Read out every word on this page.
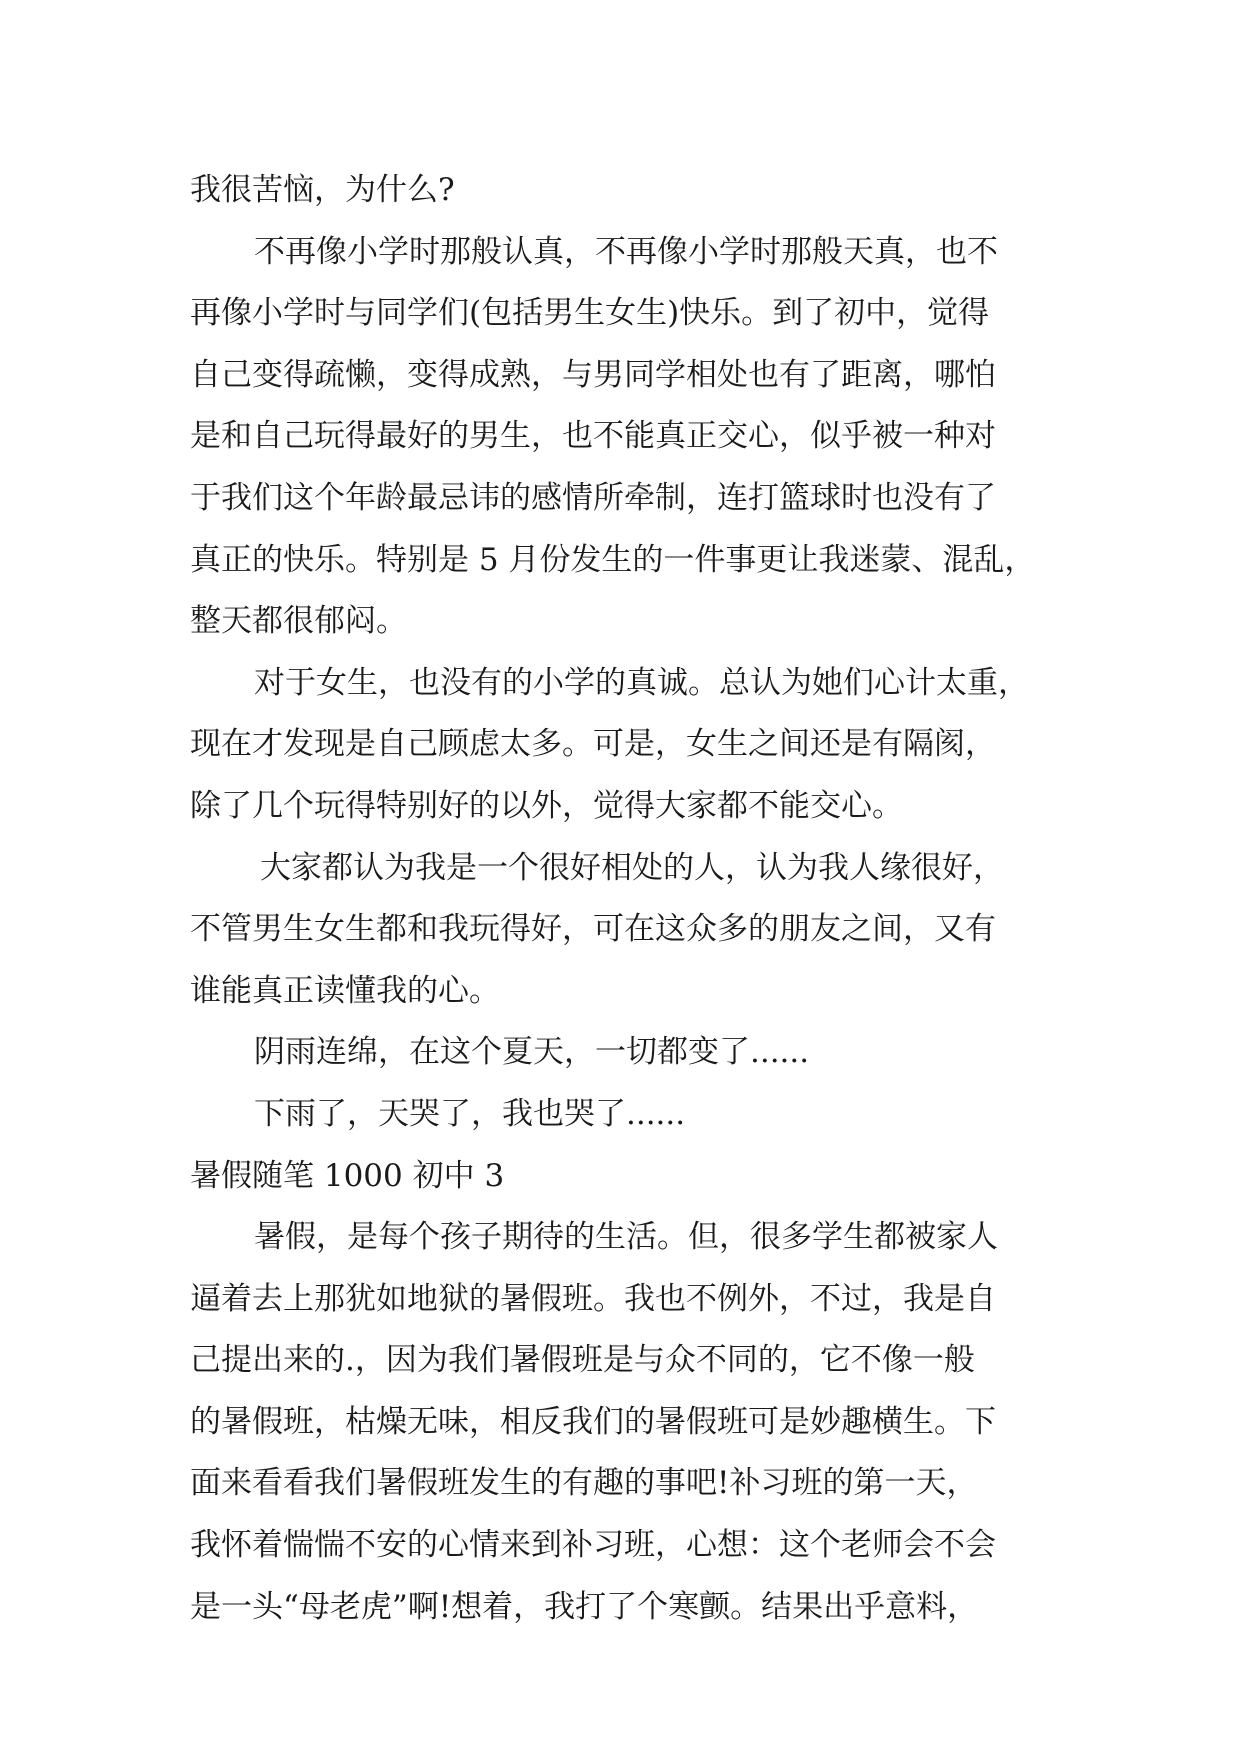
我很苦恼，为什么?
不再像小学时那般认真，不再像小学时那般天真，也不
再像小学时与同学们(包括男生女生)快乐。到了初中，觉得
自己变得疏懒，变得成熟，与男同学相处也有了距离，哪怕
是和自己玩得最好的男生，也不能真正交心，似乎被一种对
于我们这个年龄最忌讳的感情所牵制，连打篮球时也没有了
真正的快乐。特别是 5 月份发生的一件事更让我迷蒙、混乱，
整天都很郁闷。
对于女生，也没有的小学的真诚。总认为她们心计太重，
现在才发现是自己顾虑太多。可是，女生之间还是有隔阂，
除了几个玩得特别好的以外，觉得大家都不能交心。
大家都认为我是一个很好相处的人，认为我人缘很好，
不管男生女生都和我玩得好，可在这众多的朋友之间，又有
谁能真正读懂我的心。
阴雨连绵，在这个夏天，一切都变了......
下雨了，天哭了，我也哭了......
暑假随笔 1000 初中 3
暑假，是每个孩子期待的生活。但，很多学生都被家人
逼着去上那犹如地狱的暑假班。我也不例外，不过，我是自
己提出来的.，因为我们暑假班是与众不同的，它不像一般
的暑假班，枯燥无味，相反我们的暑假班可是妙趣横生。下
面来看看我们暑假班发生的有趣的事吧!补习班的第一天，
我怀着惴惴不安的心情来到补习班，心想：这个老师会不会
是一头“母老虎”啊!想着，我打了个寒颤。结果出乎意料，
